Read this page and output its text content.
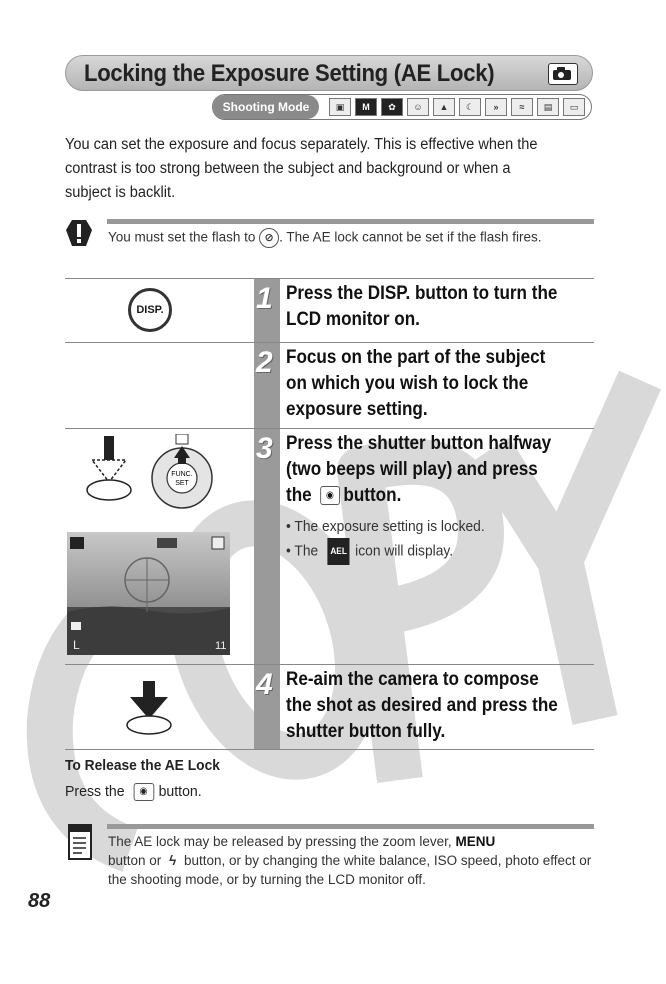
Locking the Exposure Setting (AE Lock)
Shooting Mode	▣	M	✿	☺	▲	☾	»	≈	▤	▭
You can set the exposure and focus separately. This is effective when the contrast is too strong between the subject and background or when a subject is backlit.
You must set the flash to ⊘ . The AE lock cannot be set if the flash fires.
DISP.	1 Press the DISP. button to turn the LCD monitor on.
2 Focus on the part of the subject on which you wish to lock the exposure setting.
FUNC.
SET
L	11
3 Press the shutter button halfway (two beeps will play) and press the ◉ button.
• The exposure setting is locked.
• The AEL icon will display.
4 Re-aim the camera to compose the shot as desired and press the shutter button fully.
To Release the AE Lock
Press the ◉ button.
The AE lock may be released by pressing the zoom lever, MENU
button or ϟ button, or by changing the white balance, ISO speed, photo effect or the shooting mode, or by turning the LCD monitor off.
88
